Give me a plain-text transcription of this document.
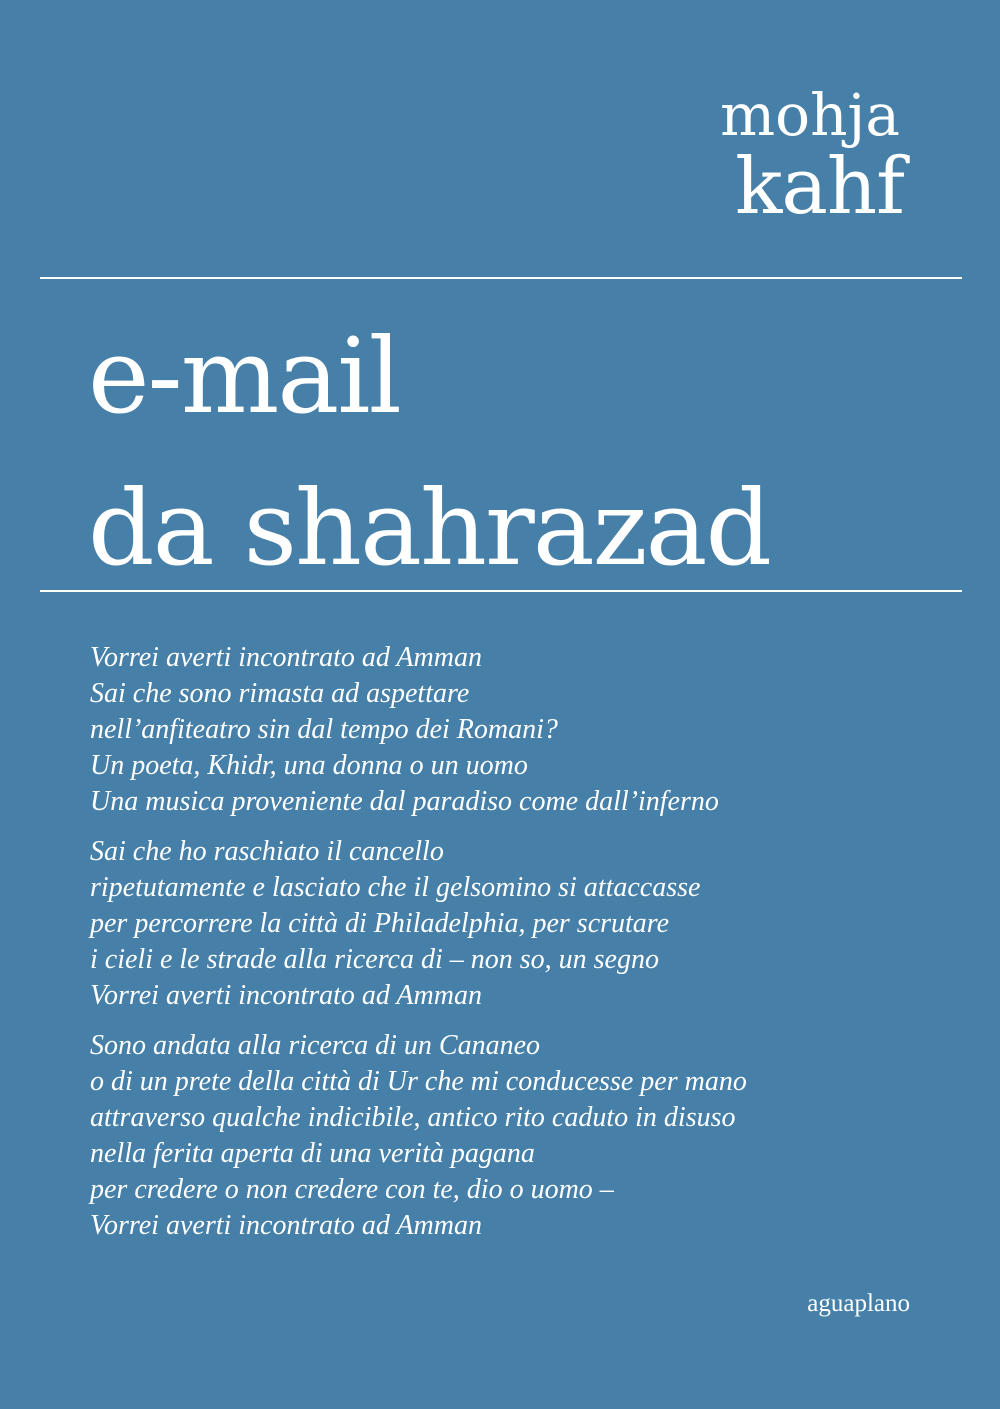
mohja
kahf
e-mail
da shahrazad
Vorrei averti incontrato ad Amman
Sai che sono rimasta ad aspettare
nell’anfiteatro sin dal tempo dei Romani?
Un poeta, Khidr, una donna o un uomo
Una musica proveniente dal paradiso come dall’inferno
Sai che ho raschiato il cancello
ripetutamente e lasciato che il gelsomino si attaccasse
per percorrere la città di Philadelphia, per scrutare
i cieli e le strade alla ricerca di – non so, un segno
Vorrei averti incontrato ad Amman
Sono andata alla ricerca di un Cananeo
o di un prete della città di Ur che mi conducesse per mano
attraverso qualche indicibile, antico rito caduto in disuso
nella ferita aperta di una verità pagana
per credere o non credere con te, dio o uomo –
Vorrei averti incontrato ad Amman
aguaplano
